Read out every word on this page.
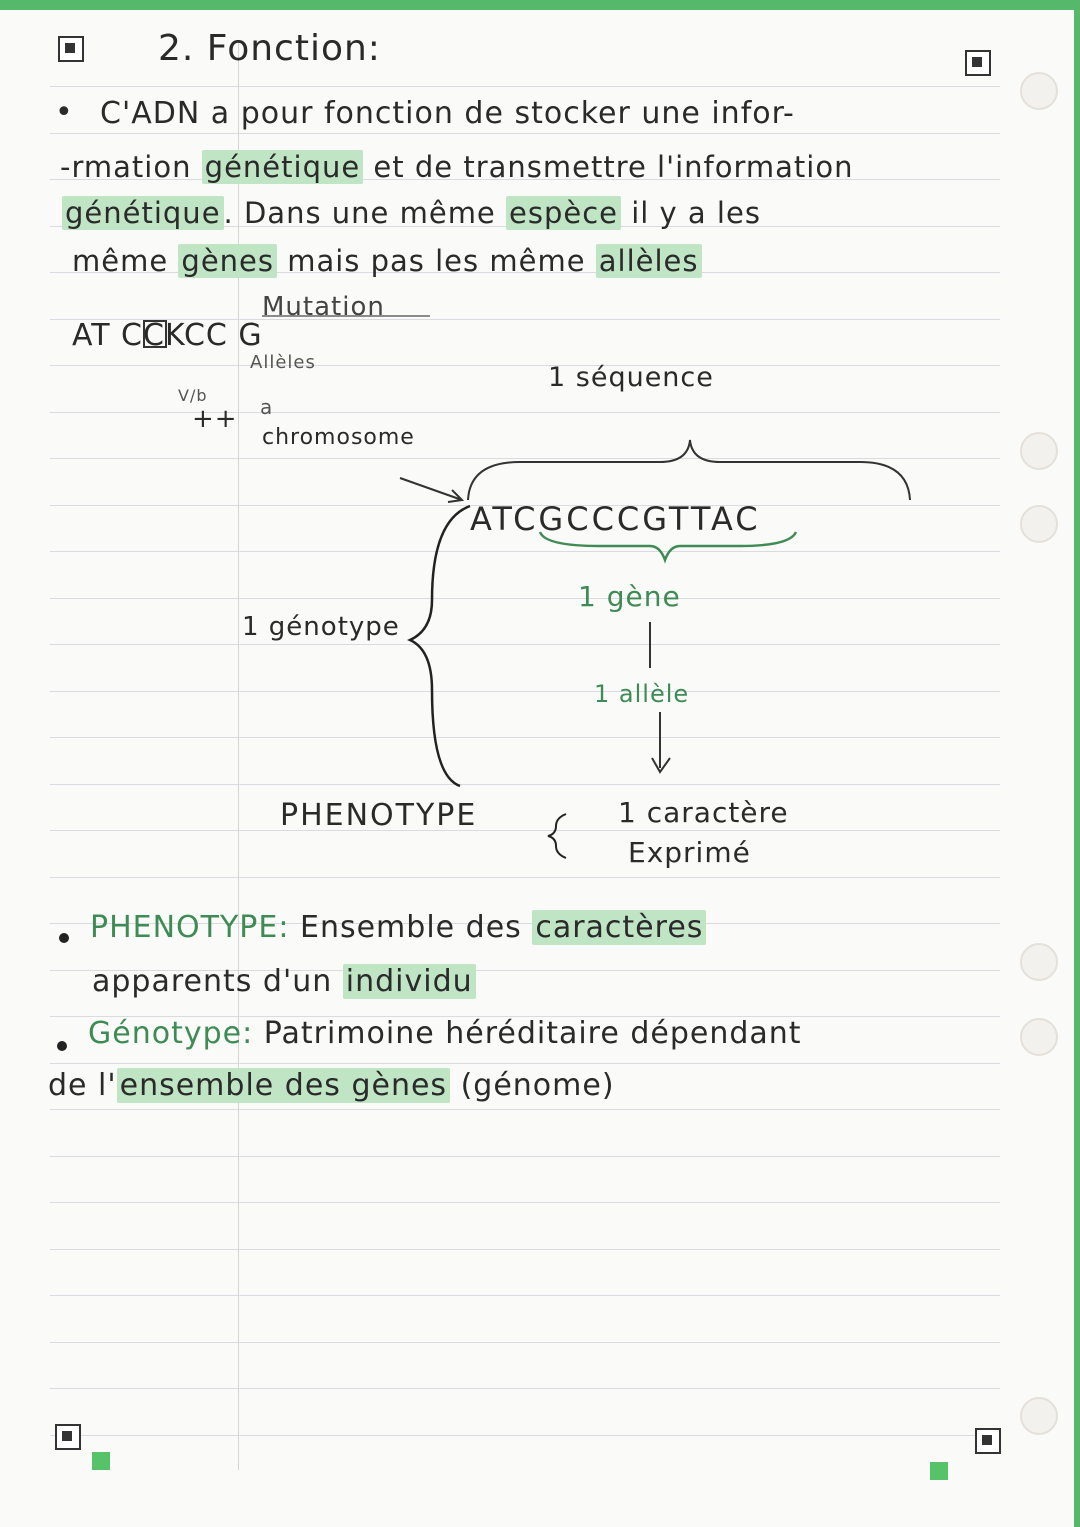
2. Fonction:
• C'ADN a pour fonction de stocker une infor-
-rmation génétique et de transmettre l'information
génétique . Dans une même espèce il y a les
même gènes mais pas les même allèles
Mutation
AT CCKCC G
Allèles
V/b	a
++
chromosome
1 séquence
ATCGCCCGTTAC
1 gène
1 allèle
1 génotype
PHENOTYPE	1 caractère
Exprimé
PHENOTYPE: Ensemble des caractères
apparents d'un individu
Génotype: Patrimoine héréditaire dépendant
de l' ensemble des gènes (génome)
